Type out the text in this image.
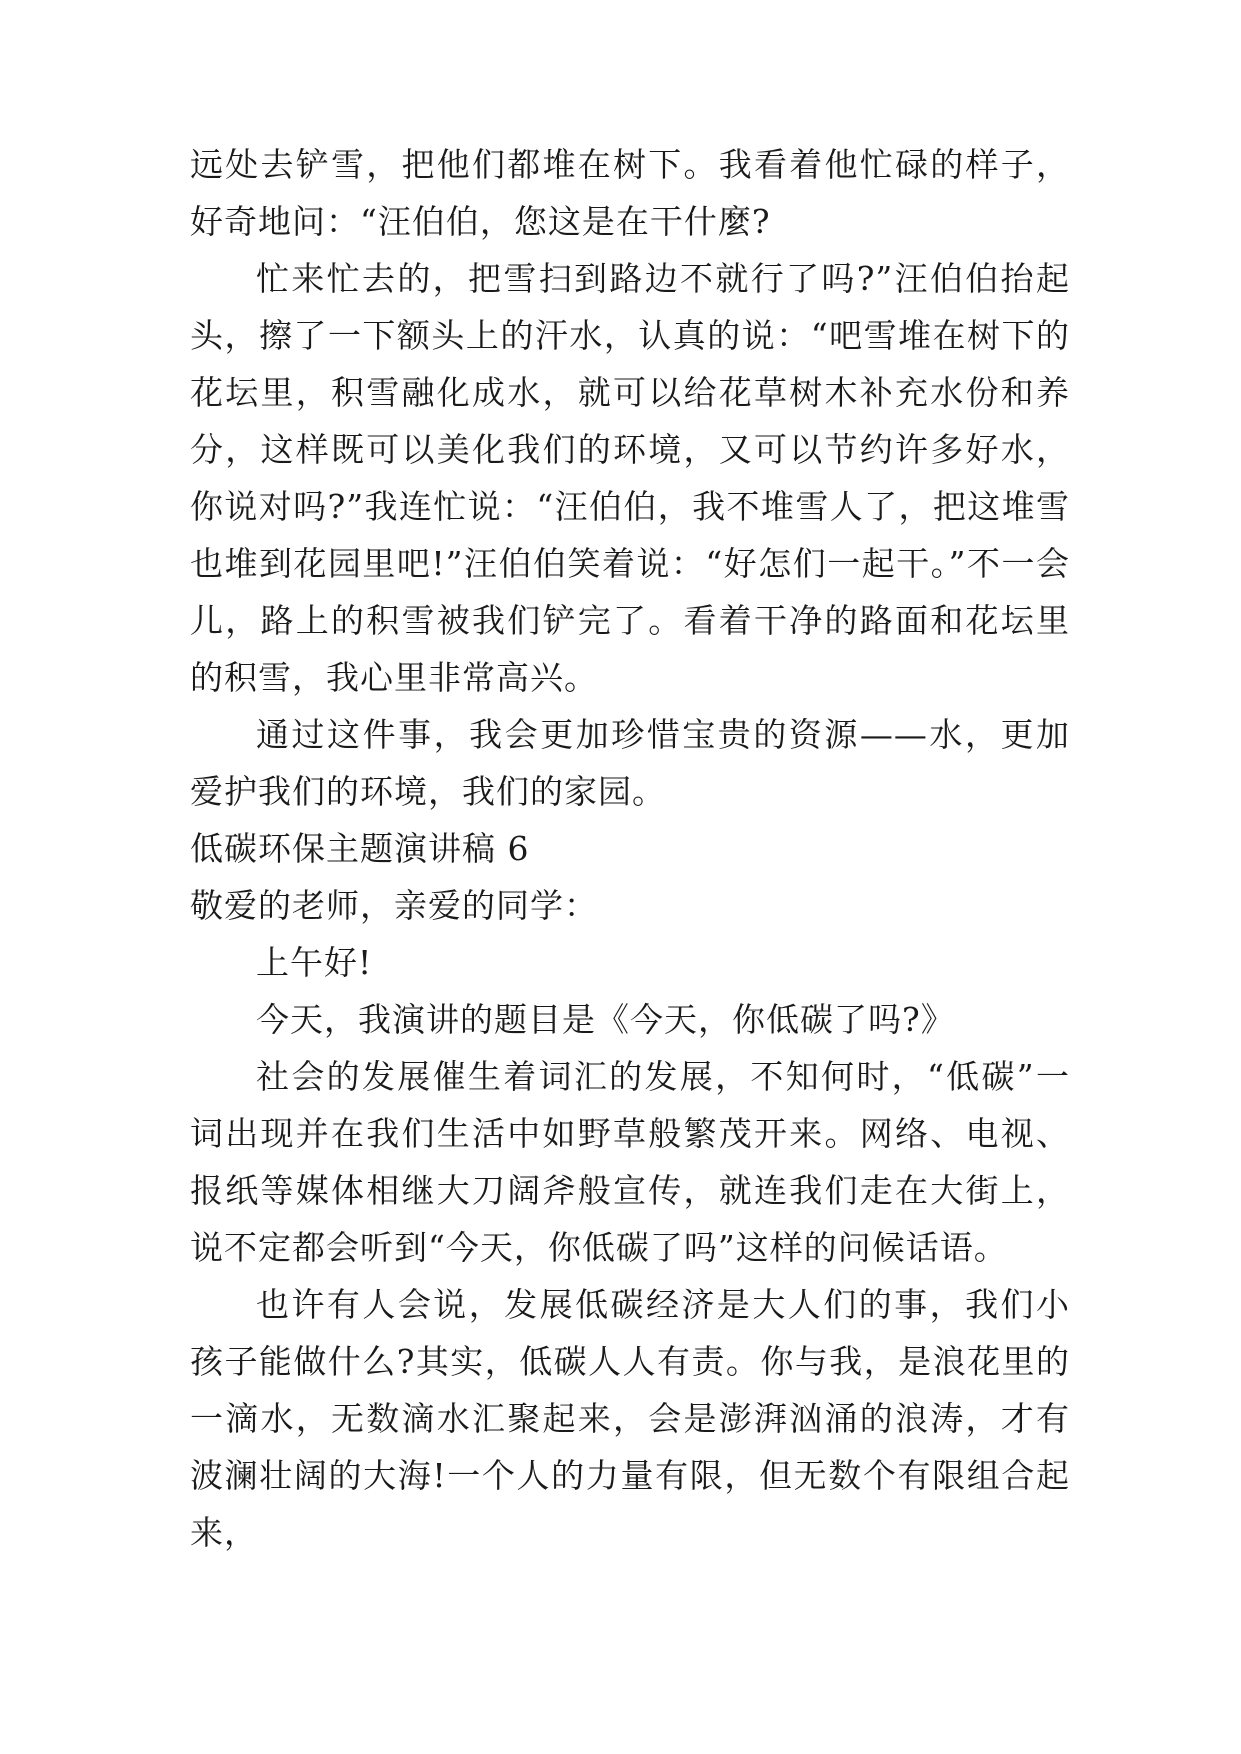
远处去铲雪，把他们都堆在树下。我看着他忙碌的样子，好奇地问：“汪伯伯，您这是在干什麼?

忙来忙去的，把雪扫到路边不就行了吗?”汪伯伯抬起头，擦了一下额头上的汗水，认真的说：“吧雪堆在树下的花坛里，积雪融化成水，就可以给花草树木补充水份和养分，这样既可以美化我们的环境，又可以节约许多好水，你说对吗?”我连忙说：“汪伯伯，我不堆雪人了，把这堆雪也堆到花园里吧!”汪伯伯笑着说：“好怎们一起干。”不一会儿，路上的积雪被我们铲完了。看着干净的路面和花坛里的积雪，我心里非常高兴。

通过这件事，我会更加珍惜宝贵的资源——水，更加爱护我们的环境，我们的家园。

低碳环保主题演讲稿 6

敬爱的老师，亲爱的同学：

上午好!

今天，我演讲的题目是《今天，你低碳了吗?》

社会的发展催生着词汇的发展，不知何时，“低碳”一词出现并在我们生活中如野草般繁茂开来。网络、电视、报纸等媒体相继大刀阔斧般宣传，就连我们走在大街上，说不定都会听到“今天，你低碳了吗”这样的问候话语。

也许有人会说，发展低碳经济是大人们的事，我们小孩子能做什么?其实，低碳人人有责。你与我，是浪花里的一滴水，无数滴水汇聚起来，会是澎湃汹涌的浪涛，才有波澜壮阔的大海!一个人的力量有限，但无数个有限组合起来，
